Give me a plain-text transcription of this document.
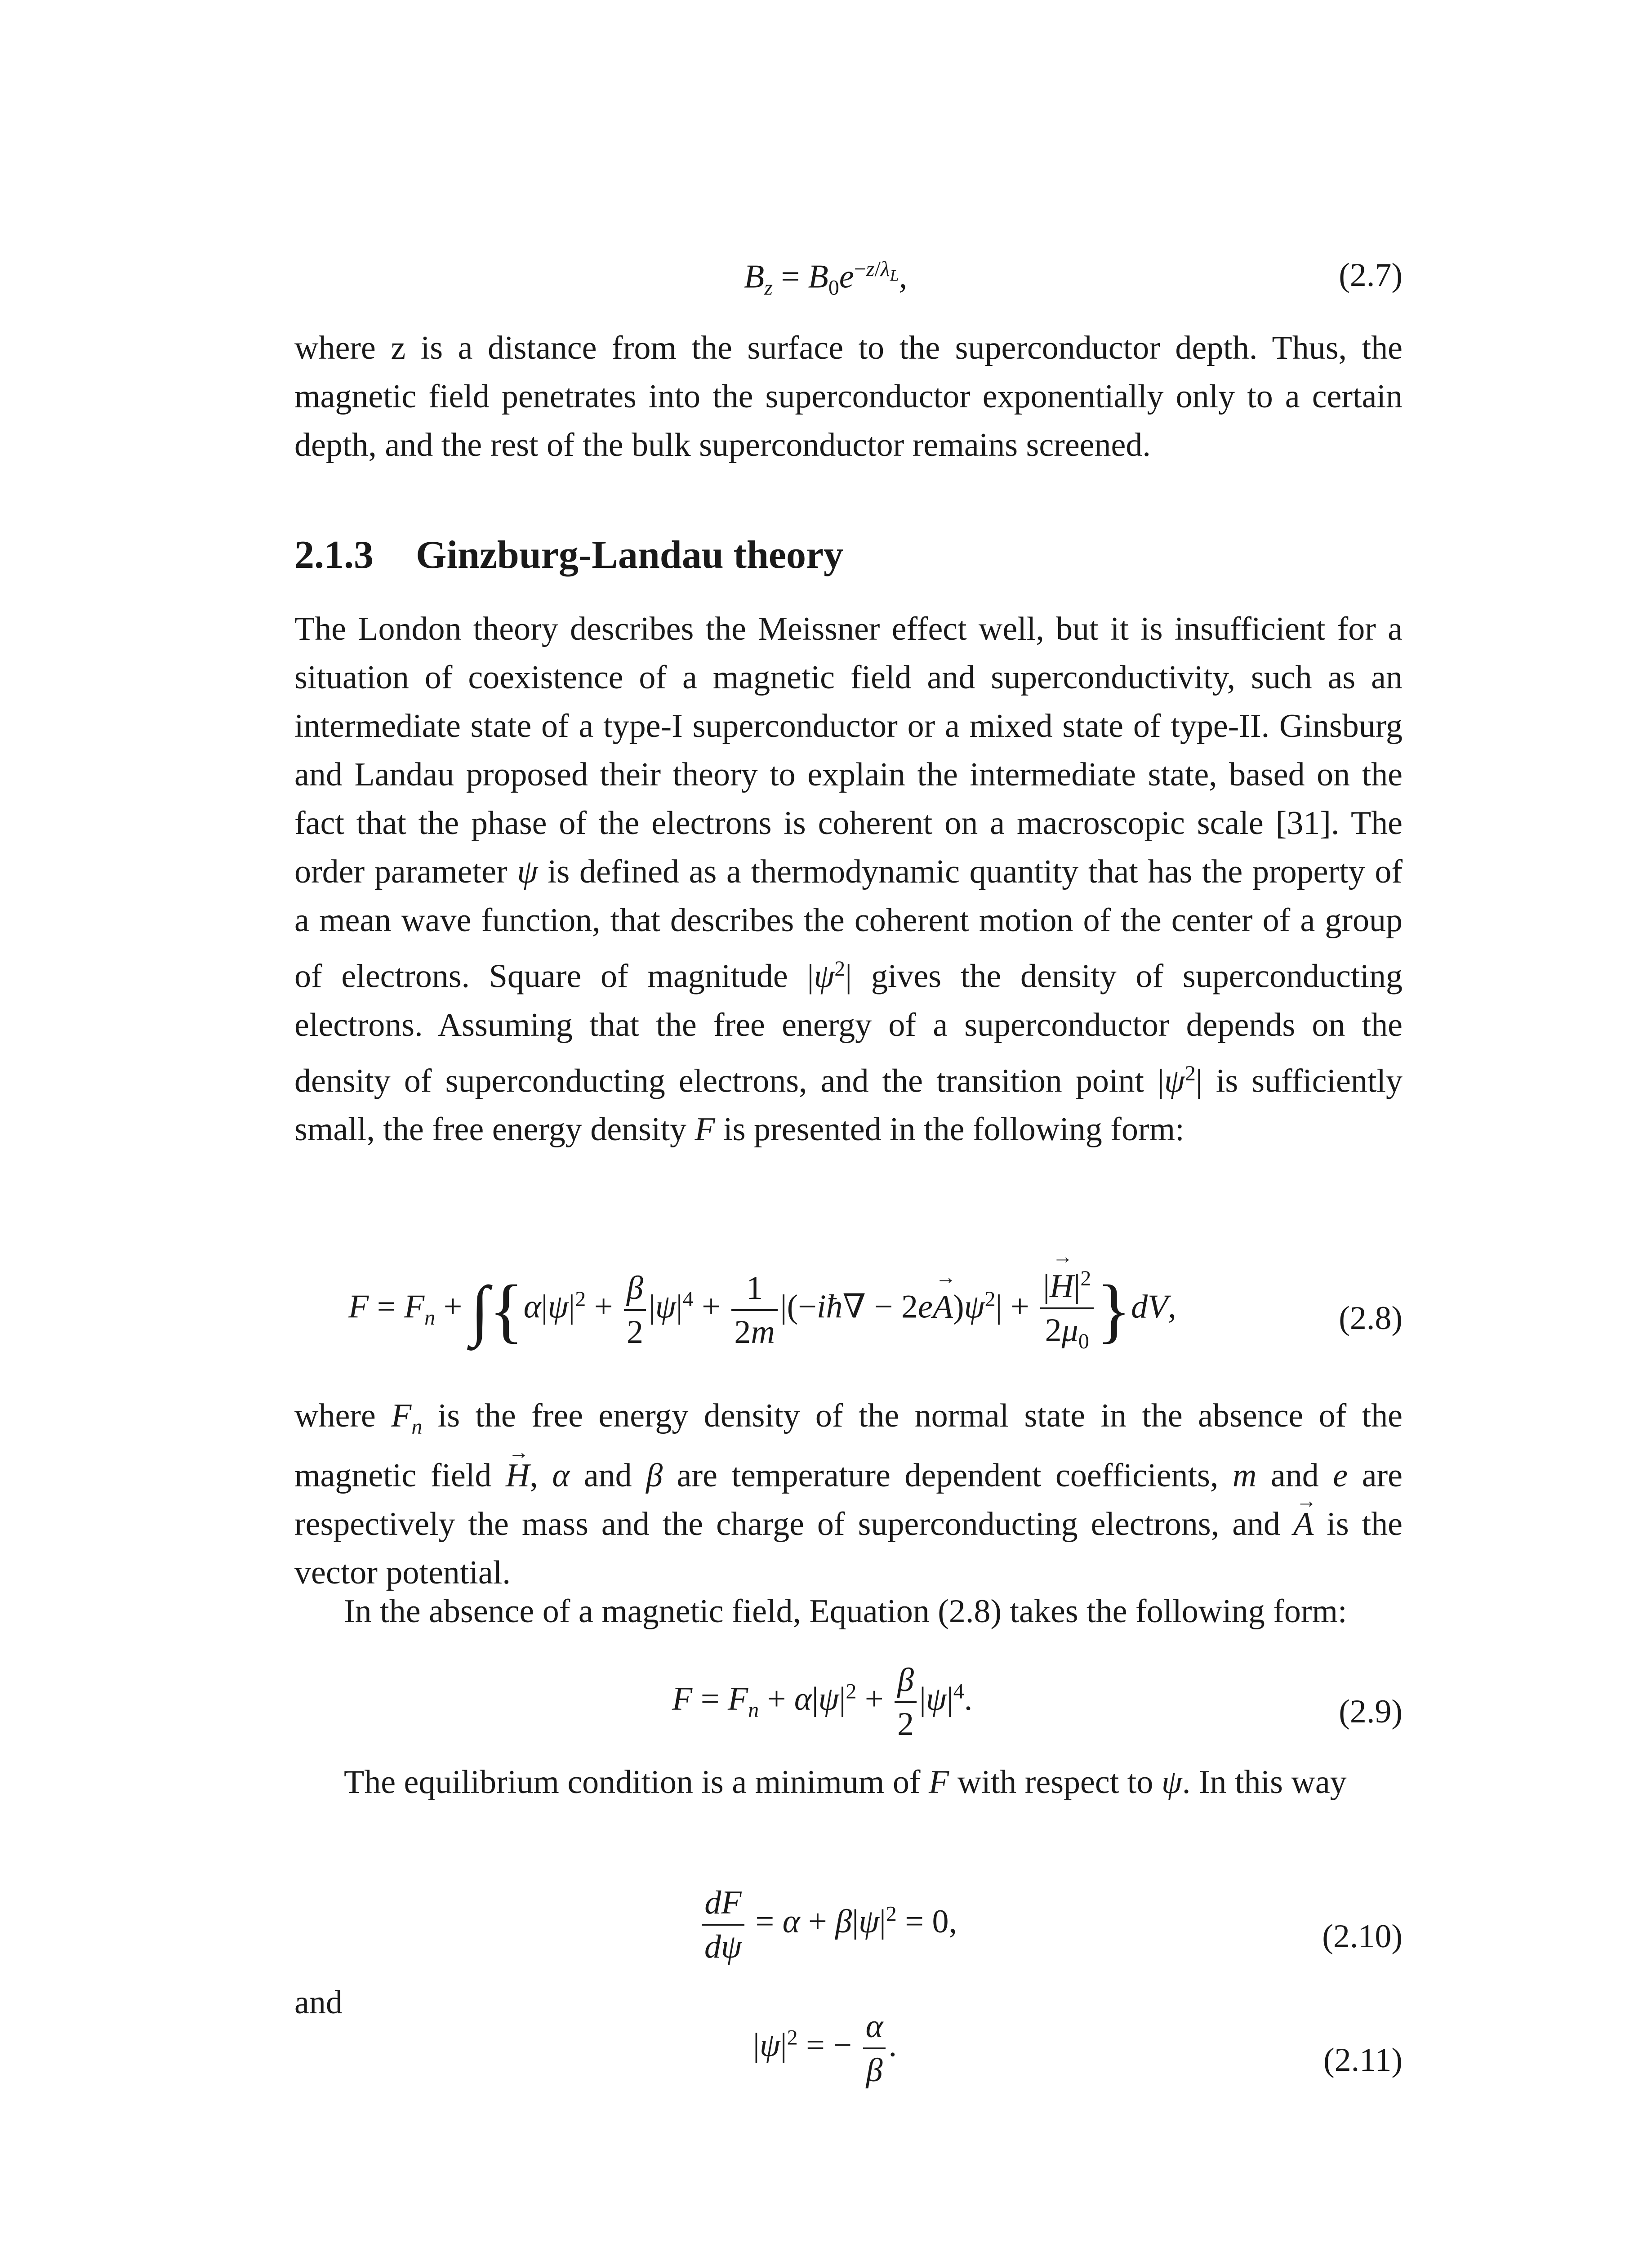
$B_z = B_0e^{-z/\lambda_L}$,	(2.7)

where z is a distance from the surface to the superconductor depth. Thus, the magnetic field penetrates into the superconductor exponentially only to a certain depth, and the rest of the bulk superconductor remains screened.

2.1.3 Ginzburg-Landau theory

The London theory describes the Meissner effect well, but it is insufficient for a situation of coexistence of a magnetic field and superconductivity, such as an intermediate state of a type-I superconductor or a mixed state of type-II. Ginsburg and Landau proposed their theory to explain the intermediate state, based on the fact that the phase of the electrons is coherent on a macroscopic scale [31]. The order parameter ψ is defined as a thermodynamic quantity that has the property of a mean wave function, that describes the coherent motion of the center of a group of electrons. Square of magnitude $|\psi^2|$ gives the density of superconducting electrons. Assuming that the free energy of a superconductor depends on the density of superconducting electrons, and the transition point $|\psi^2|$ is sufficiently small, the free energy density F is presented in the following form:

$F = F_n + \int\{\alpha|\psi|^2 + \frac{\beta}{2} |\psi|^4 + \frac{1}{2m}$ |(−iħ∇ − $2e\to A)\psi^2| + \frac{|\to H|^2}{2\mu_0} \}dV$,	(2.8)

where $F_n$ is the free energy density of the normal state in the absence of the magnetic field → H, α and β are temperature dependent coefficients, m and e are respectively the mass and the charge of superconducting electrons, and → A is the vector potential.

In the absence of a magnetic field, Equation (2.8) takes the following form:

$F = F_n + \alpha|\psi|^2 + \frac{\beta}{2} |\psi|^4$.	(2.9)

The equilibrium condition is a minimum of F with respect to ψ. In this way

$\frac{dF}{d\psi} = \alpha + \beta|\psi|^2 = 0$,	(2.10)

and

$|\psi|^2$ = − $\frac{\alpha}{\beta}$ .	(2.11)
